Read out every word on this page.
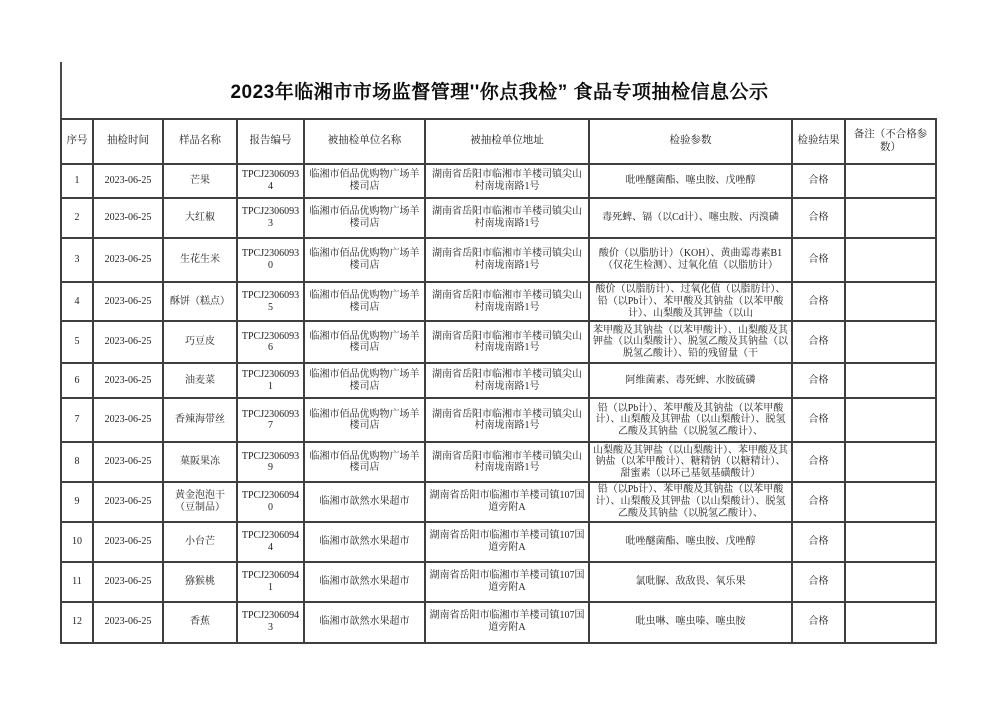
2023年临湘市市场监督管理''你点我检” 食品专项抽检信息公示
序号	抽检时间	样品名称	报告编号	被抽检单位名称	被抽检单位地址	检验参数	检验结果	备注（不合格参数）
1	2023-06-25	芒果	TPCJ23060934	临湘市佰品优购物广场羊楼司店	湖南省岳阳市临湘市羊楼司镇尖山村南垅南路1号	吡唑醚菌酯、噻虫胺、戊唑醇	合格	
2	2023-06-25	大红椒	TPCJ23060933	临湘市佰品优购物广场羊楼司店	湖南省岳阳市临湘市羊楼司镇尖山村南垅南路1号	毒死蜱、镉（以Cd计）、噻虫胺、丙溴磷	合格	
3	2023-06-25	生花生米	TPCJ23060930	临湘市佰品优购物广场羊楼司店	湖南省岳阳市临湘市羊楼司镇尖山村南垅南路1号	酸价（以脂肪计）（KOH）、黄曲霉毒素B1（仅花生检测）、过氧化值（以脂肪计）	合格	
4	2023-06-25	酥饼（糕点）	TPCJ23060935	临湘市佰品优购物广场羊楼司店	湖南省岳阳市临湘市羊楼司镇尖山村南垅南路1号	酸价（以脂肪计）、过氧化值（以脂肪计）、铅（以Pb计）、苯甲酸及其钠盐（以苯甲酸计）、山梨酸及其钾盐（以山	合格	
5	2023-06-25	巧豆皮	TPCJ23060936	临湘市佰品优购物广场羊楼司店	湖南省岳阳市临湘市羊楼司镇尖山村南垅南路1号	苯甲酸及其钠盐（以苯甲酸计）、山梨酸及其钾盐（以山梨酸计）、脱氢乙酸及其钠盐（以脱氢乙酸计）、铅的残留量（干	合格	
6	2023-06-25	油麦菜	TPCJ23060931	临湘市佰品优购物广场羊楼司店	湖南省岳阳市临湘市羊楼司镇尖山村南垅南路1号	阿维菌素、毒死蜱、水胺硫磷	合格	
7	2023-06-25	香辣海带丝	TPCJ23060937	临湘市佰品优购物广场羊楼司店	湖南省岳阳市临湘市羊楼司镇尖山村南垅南路1号	铅（以Pb计）、苯甲酸及其钠盐（以苯甲酸计）、山梨酸及其钾盐（以山梨酸计）、脱氢乙酸及其钠盐（以脱氢乙酸计）、	合格	
8	2023-06-25	菓阪果冻	TPCJ23060939	临湘市佰品优购物广场羊楼司店	湖南省岳阳市临湘市羊楼司镇尖山村南垅南路1号	山梨酸及其钾盐（以山梨酸计）、苯甲酸及其钠盐（以苯甲酸计）、糖精钠（以糖精计）、甜蜜素（以环己基氨基磺酸计）	合格	
9	2023-06-25	黄金泡泡干（豆制品）	TPCJ23060940	临湘市歆然水果超市	湖南省岳阳市临湘市羊楼司镇107国道旁附A	铅（以Pb计）、苯甲酸及其钠盐（以苯甲酸计）、山梨酸及其钾盐（以山梨酸计）、脱氢乙酸及其钠盐（以脱氢乙酸计）、	合格	
10	2023-06-25	小台芒	TPCJ23060944	临湘市歆然水果超市	湖南省岳阳市临湘市羊楼司镇107国道旁附A	吡唑醚菌酯、噻虫胺、戊唑醇	合格	
11	2023-06-25	猕猴桃	TPCJ23060941	临湘市歆然水果超市	湖南省岳阳市临湘市羊楼司镇107国道旁附A	氯吡脲、敌敌畏、氧乐果	合格	
12	2023-06-25	香蕉	TPCJ23060943	临湘市歆然水果超市	湖南省岳阳市临湘市羊楼司镇107国道旁附A	吡虫啉、噻虫嗪、噻虫胺	合格	
